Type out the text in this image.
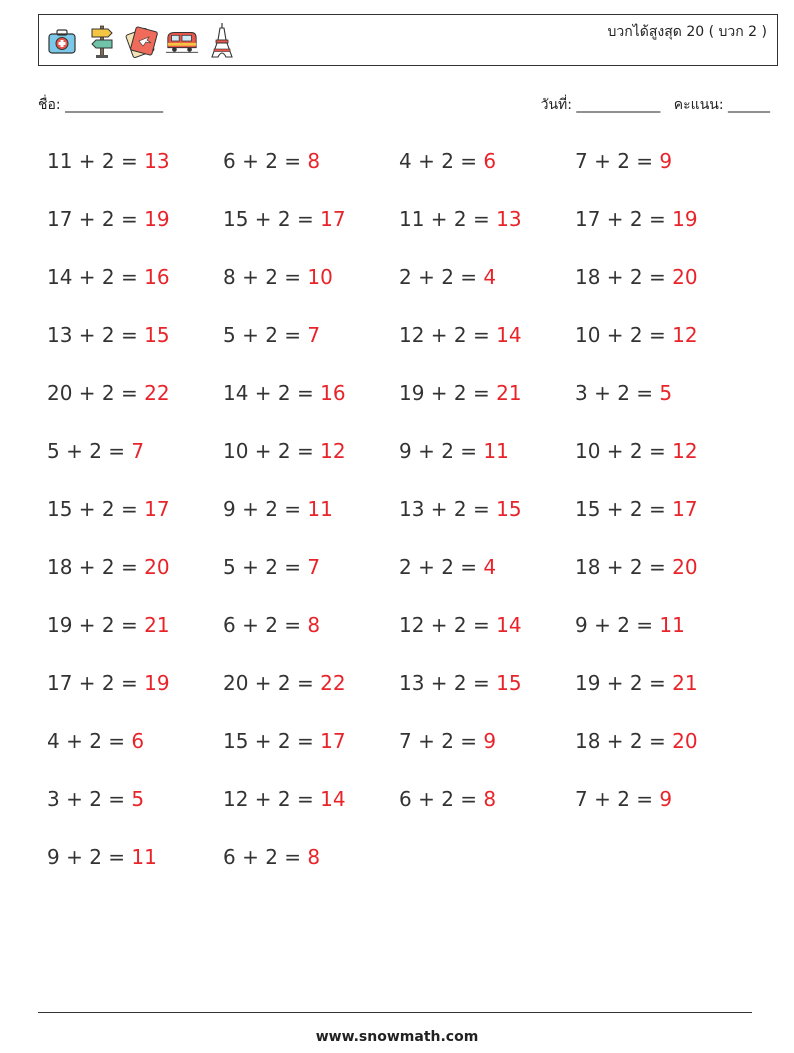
บวกได้สูงสุด 20 ( บวก 2 )
ชื่อ: ______________	วันที่: ____________ คะแนน: ______
11 + 2 = 13	6 + 2 = 8	4 + 2 = 6	7 + 2 = 9
17 + 2 = 19	15 + 2 = 17	11 + 2 = 13	17 + 2 = 19
14 + 2 = 16	8 + 2 = 10	2 + 2 = 4	18 + 2 = 20
13 + 2 = 15	5 + 2 = 7	12 + 2 = 14	10 + 2 = 12
20 + 2 = 22	14 + 2 = 16	19 + 2 = 21	3 + 2 = 5
5 + 2 = 7	10 + 2 = 12	9 + 2 = 11	10 + 2 = 12
15 + 2 = 17	9 + 2 = 11	13 + 2 = 15	15 + 2 = 17
18 + 2 = 20	5 + 2 = 7	2 + 2 = 4	18 + 2 = 20
19 + 2 = 21	6 + 2 = 8	12 + 2 = 14	9 + 2 = 11
17 + 2 = 19	20 + 2 = 22	13 + 2 = 15	19 + 2 = 21
4 + 2 = 6	15 + 2 = 17	7 + 2 = 9	18 + 2 = 20
3 + 2 = 5	12 + 2 = 14	6 + 2 = 8	7 + 2 = 9
9 + 2 = 11	6 + 2 = 8
www.snowmath.com
